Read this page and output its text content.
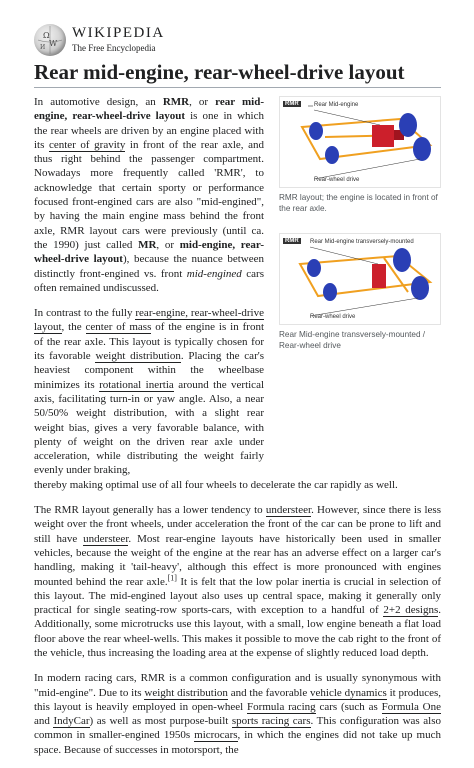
Ω
W
И
WIKIPEDIA
The Free Encyclopedia
Rear mid-engine, rear-wheel-drive layout
RMR	Rear Mid-engine
Rear-wheel drive
RMR layout; the engine is located in front of the rear axle.
RMR	Rear Mid-engine transversely-mounted
Rear-wheel drive
Rear Mid-engine transversely-mounted / Rear-wheel drive

In automotive design, an RMR, or rear mid-engine, rear-wheel-drive layout is one in which the rear wheels are driven by an engine placed with its center of gravity in front of the rear axle, and thus right behind the passenger compartment. Nowadays more frequently called 'RMR', to acknowledge that certain sporty or performance focused front-engined cars are also "mid-engined", by having the main engine mass behind the front axle, RMR layout cars were previously (until ca. the 1990) just called MR, or mid-engine, rear-wheel-drive layout), because the nuance between distinctly front-engined vs. front mid-engined cars often remained undiscussed.

In contrast to the fully rear-engine, rear-wheel-drive layout, the center of mass of the engine is in front of the rear axle. This layout is typically chosen for its favorable weight distribution. Placing the car's heaviest component within the wheelbase minimizes its rotational inertia around the vertical axis, facilitating turn-in or yaw angle. Also, a near 50/50% weight distribution, with a slight rear weight bias, gives a very favorable balance, with plenty of weight on the driven rear axle under acceleration, while distributing the weight fairly evenly under braking,
thereby making optimal use of all four wheels to decelerate the car rapidly as well.

The RMR layout generally has a lower tendency to understeer. However, since there is less weight over the front wheels, under acceleration the front of the car can be prone to lift and still have understeer. Most rear-engine layouts have historically been used in smaller vehicles, because the weight of the engine at the rear has an adverse effect on a larger car's handling, making it 'tail-heavy', although this effect is more pronounced with engines mounted behind the rear axle.[1] It is felt that the low polar inertia is crucial in selection of this layout. The mid-engined layout also uses up central space, making it generally only practical for single seating-row sports-cars, with exception to a handful of 2+2 designs. Additionally, some microtrucks use this layout, with a small, low engine beneath a flat load floor above the rear wheel-wells. This makes it possible to move the cab right to the front of the vehicle, thus increasing the loading area at the expense of slightly reduced load depth.

In modern racing cars, RMR is a common configuration and is usually synonymous with "mid-engine". Due to its weight distribution and the favorable vehicle dynamics it produces, this layout is heavily employed in open-wheel Formula racing cars (such as Formula One and IndyCar) as well as most purpose-built sports racing cars. This configuration was also common in smaller-engined 1950s microcars, in which the engines did not take up much space. Because of successes in motorsport, the
